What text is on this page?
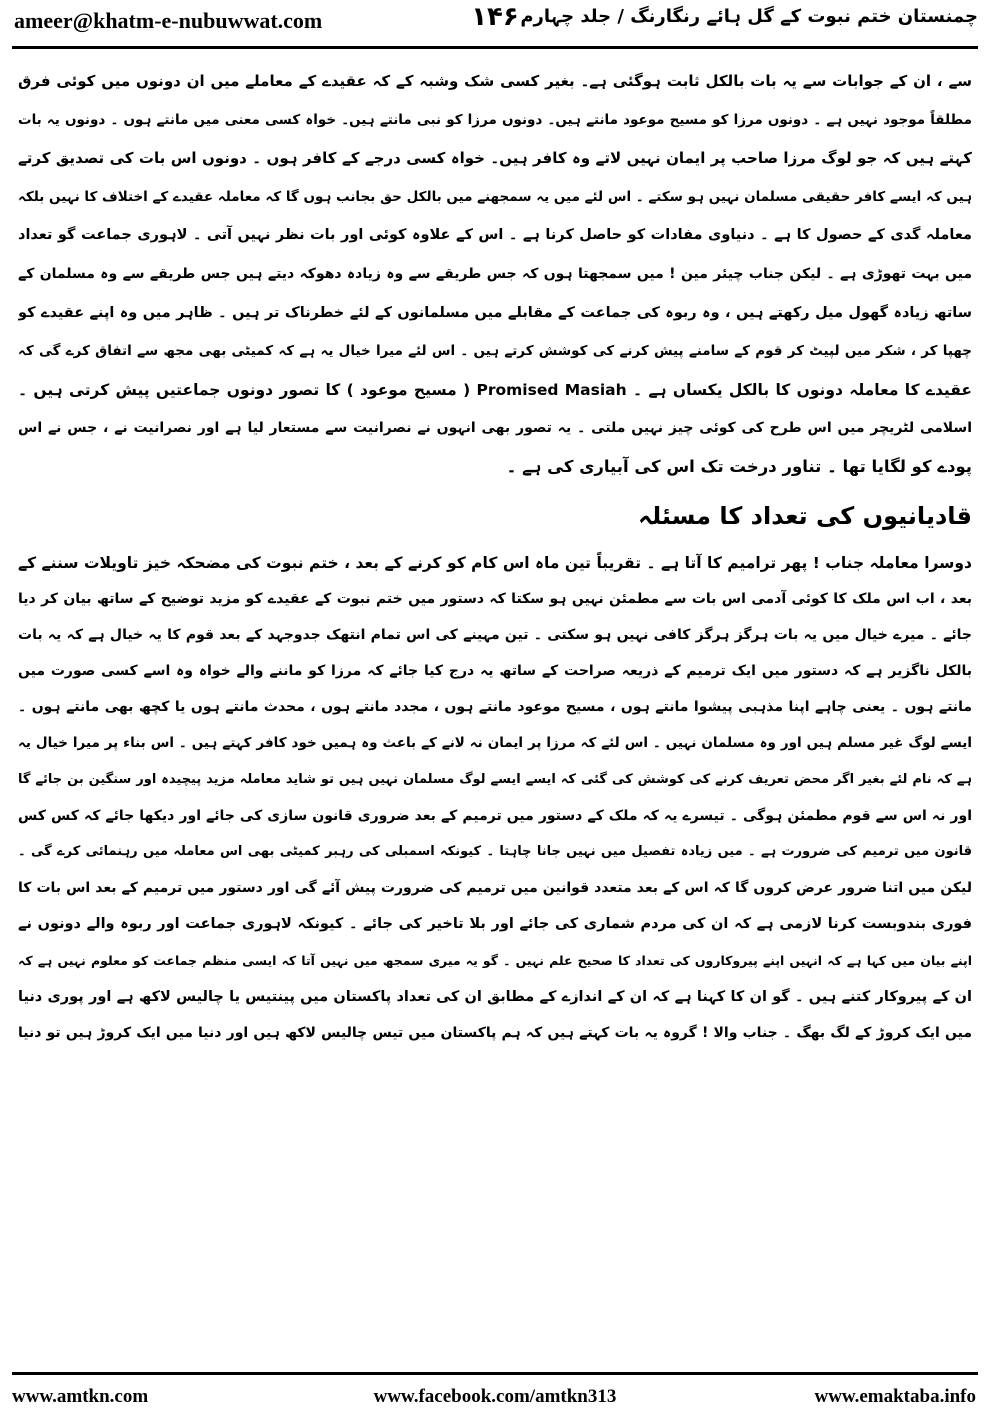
ameer@khatm-e-nubuwwat.com	۱۴۶ چمنستان ختم نبوت کے گل ہائے رنگارنگ / جلد چہارم
سے ، ان کے جوابات سے یہ بات بالکل ثابت ہوگئی ہے۔ بغیر کسی شک وشبہ کے کہ عقیدے کے معاملے میں ان دونوں میں کوئی فرق
مطلقاً موجود نہیں ہے ۔ دونوں مرزا کو مسیح موعود مانتے ہیں۔ دونوں مرزا کو نبی مانتے ہیں۔ خواہ کسی معنی میں مانتے ہوں ۔ دونوں یہ بات
کہتے ہیں کہ جو لوگ مرزا صاحب پر ایمان نہیں لاتے وہ کافر ہیں۔ خواہ کسی درجے کے کافر ہوں ۔ دونوں اس بات کی تصدیق کرتے
ہیں کہ ایسے کافر حقیقی مسلمان نہیں ہو سکتے ۔ اس لئے میں یہ سمجھنے میں بالکل حق بجانب ہوں گا کہ معاملہ عقیدے کے اختلاف کا نہیں بلکہ
معاملہ گدی کے حصول کا ہے ۔ دنیاوی مفادات کو حاصل کرنا ہے ۔ اس کے علاوہ کوئی اور بات نظر نہیں آتی ۔ لاہوری جماعت گو تعداد
میں بہت تھوڑی ہے ۔ لیکن جناب چیئر مین ! میں سمجھتا ہوں کہ جس طریقے سے وہ زیادہ دھوکہ دیتے ہیں جس طریقے سے وہ مسلمان کے
ساتھ زیادہ گھول میل رکھتے ہیں ، وہ ربوہ کی جماعت کے مقابلے میں مسلمانوں کے لئے خطرناک تر ہیں ۔ ظاہر میں وہ اپنے عقیدے کو
چھپا کر ، شکر میں لپیٹ کر قوم کے سامنے پیش کرنے کی کوشش کرتے ہیں ۔ اس لئے میرا خیال یہ ہے کہ کمیٹی بھی مجھ سے اتفاق کرے گی کہ
عقیدے کا معاملہ دونوں کا بالکل یکساں ہے ۔ Promised Masiah ( مسیح موعود ) کا تصور دونوں جماعتیں پیش کرتی ہیں ۔
اسلامی لٹریچر میں اس طرح کی کوئی چیز نہیں ملتی ۔ یہ تصور بھی انہوں نے نصرانیت سے مستعار لیا ہے اور نصرانیت نے ، جس نے اس
پودے کو لگایا تھا ۔ تناور درخت تک اس کی آبیاری کی ہے ۔
قادیانیوں کی تعداد کا مسئلہ
دوسرا معاملہ جناب ! پھر ترامیم کا آتا ہے ۔ تقریباً تین ماہ اس کام کو کرنے کے بعد ، ختم نبوت کی مضحکہ خیز تاویلات سننے کے
بعد ، اب اس ملک کا کوئی آدمی اس بات سے مطمئن نہیں ہو سکتا کہ دستور میں ختم نبوت کے عقیدے کو مزید توضیح کے ساتھ بیان کر دیا
جائے ۔ میرے خیال میں یہ بات ہرگز ہرگز کافی نہیں ہو سکتی ۔ تین مہینے کی اس تمام انتھک جدوجہد کے بعد قوم کا یہ خیال ہے کہ یہ بات
بالکل ناگزیر ہے کہ دستور میں ایک ترمیم کے ذریعہ صراحت کے ساتھ یہ درج کیا جائے کہ مرزا کو ماننے والے خواہ وہ اسے کسی صورت میں
مانتے ہوں ۔ یعنی چاہے اپنا مذہبی پیشوا مانتے ہوں ، مسیح موعود مانتے ہوں ، مجدد مانتے ہوں ، محدث مانتے ہوں یا کچھ بھی مانتے ہوں ۔
ایسے لوگ غیر مسلم ہیں اور وہ مسلمان نہیں ۔ اس لئے کہ مرزا پر ایمان نہ لانے کے باعث وہ ہمیں خود کافر کہتے ہیں ۔ اس بناء پر میرا خیال یہ
ہے کہ نام لئے بغیر اگر محض تعریف کرنے کی کوشش کی گئی کہ ایسے ایسے لوگ مسلمان نہیں ہیں تو شاید معاملہ مزید پیچیدہ اور سنگین بن جائے گا
اور نہ اس سے قوم مطمئن ہوگی ۔ تیسرے یہ کہ ملک کے دستور میں ترمیم کے بعد ضروری قانون سازی کی جائے اور دیکھا جائے کہ کس کس
قانون میں ترمیم کی ضرورت ہے ۔ میں زیادہ تفصیل میں نہیں جانا چاہتا ۔ کیونکہ اسمبلی کی رہبر کمیٹی بھی اس معاملہ میں رہنمائی کرے گی ۔
لیکن میں اتنا ضرور عرض کروں گا کہ اس کے بعد متعدد قوانین میں ترمیم کی ضرورت پیش آئے گی اور دستور میں ترمیم کے بعد اس بات کا
فوری بندوبست کرنا لازمی ہے کہ ان کی مردم شماری کی جائے اور بلا تاخیر کی جائے ۔ کیونکہ لاہوری جماعت اور ربوہ والے دونوں نے
اپنے بیان میں کہا ہے کہ انہیں اپنے پیروکاروں کی تعداد کا صحیح علم نہیں ۔ گو یہ میری سمجھ میں نہیں آتا کہ ایسی منظم جماعت کو معلوم نہیں ہے کہ
ان کے پیروکار کتنے ہیں ۔ گو ان کا کہنا ہے کہ ان کے اندازے کے مطابق ان کی تعداد پاکستان میں پینتیس یا چالیس لاکھ ہے اور پوری دنیا
میں ایک کروڑ کے لگ بھگ ۔ جناب والا ! گروہ یہ بات کہتے ہیں کہ ہم پاکستان میں تیس چالیس لاکھ ہیں اور دنیا میں ایک کروڑ ہیں تو دنیا
www.amtkn.com	www.facebook.com/amtkn313	www.emaktaba.info
